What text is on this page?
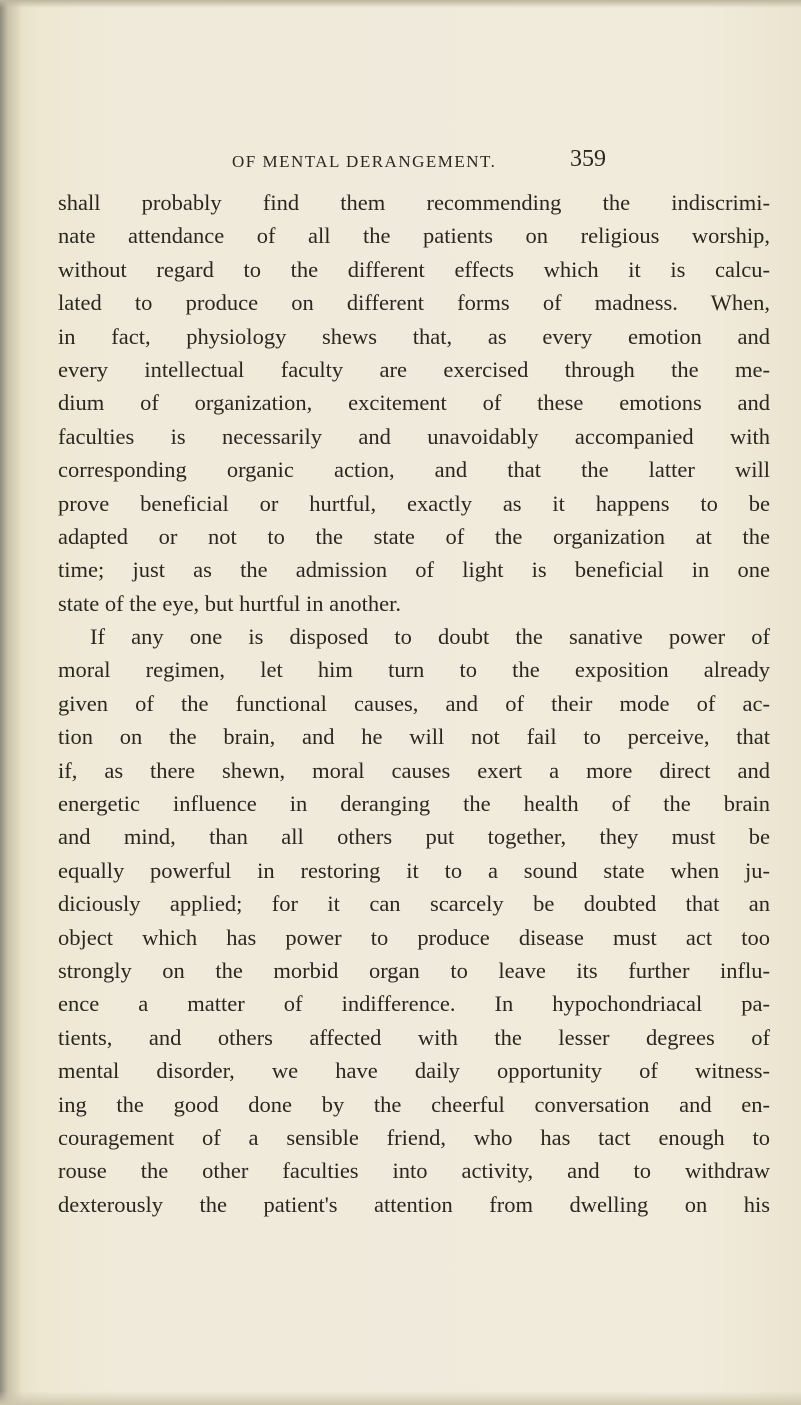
OF MENTAL DERANGEMENT.	359
shall probably find them recommending the indiscrimi-
nate attendance of all the patients on religious worship,
without regard to the different effects which it is calcu-
lated to produce on different forms of madness. When,
in fact, physiology shews that, as every emotion and
every intellectual faculty are exercised through the me-
dium of organization, excitement of these emotions and
faculties is necessarily and unavoidably accompanied with
corresponding organic action, and that the latter will
prove beneficial or hurtful, exactly as it happens to be
adapted or not to the state of the organization at the
time; just as the admission of light is beneficial in one
state of the eye, but hurtful in another.
If any one is disposed to doubt the sanative power of
moral regimen, let him turn to the exposition already
given of the functional causes, and of their mode of ac-
tion on the brain, and he will not fail to perceive, that
if, as there shewn, moral causes exert a more direct and
energetic influence in deranging the health of the brain
and mind, than all others put together, they must be
equally powerful in restoring it to a sound state when ju-
diciously applied; for it can scarcely be doubted that an
object which has power to produce disease must act too
strongly on the morbid organ to leave its further influ-
ence a matter of indifference. In hypochondriacal pa-
tients, and others affected with the lesser degrees of
mental disorder, we have daily opportunity of witness-
ing the good done by the cheerful conversation and en-
couragement of a sensible friend, who has tact enough to
rouse the other faculties into activity, and to withdraw
dexterously the patient's attention from dwelling on his
